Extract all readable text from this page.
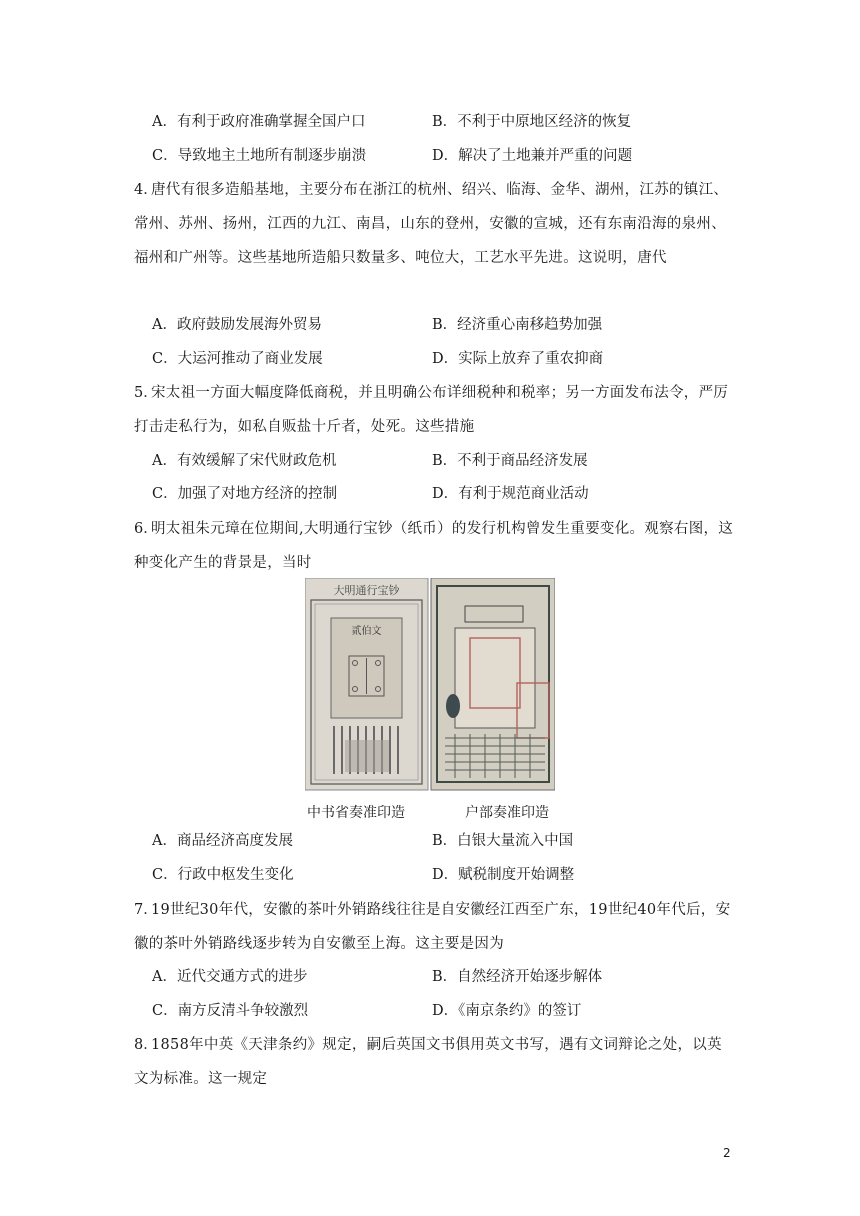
A．有利于政府准确掌握全国户口	B．不利于中原地区经济的恢复
C．导致地主土地所有制逐步崩溃	D．解决了土地兼并严重的问题
4．
唐代有很多造船基地，主要分布在浙江的杭州、绍兴、临海、金华、湖州，江苏的镇江、常州、苏州、扬州，江西的九江、南昌，山东的登州，安徽的宣城，还有东南沿海的泉州、福州和广州等。这些基地所造船只数量多、吨位大，工艺水平先进。这说明，唐代
A．政府鼓励发展海外贸易	B．经济重心南移趋势加强
C．大运河推动了商业发展	D．实际上放弃了重农抑商
5．
宋太祖一方面大幅度降低商税，并且明确公布详细税种和税率；另一方面发布法令，严厉打击走私行为，如私自贩盐十斤者，处死。这些措施
A．有效缓解了宋代财政危机	B．不利于商品经济发展
C．加强了对地方经济的控制	D．有利于规范商业活动
6．
明太祖朱元璋在位期间,大明通行宝钞（纸币）的发行机构曾发生重要变化。观察右图，这种变化产生的背景是，当时
大明通行宝钞
贰伯文
中书省奏准印造	户部奏准印造
A．商品经济高度发展	B．白银大量流入中国
C．行政中枢发生变化	D．赋税制度开始调整
7．
19世纪30年代，安徽的茶叶外销路线往往是自安徽经江西至广东，19世纪40年代后，安徽的茶叶外销路线逐步转为自安徽至上海。这主要是因为
A．近代交通方式的进步	B．自然经济开始逐步解体
C．南方反清斗争较激烈	D．《南京条约》的签订
8．
1858年中英《天津条约》规定，嗣后英国文书俱用英文书写，遇有文词辩论之处，以英文为标准。这一规定
2
